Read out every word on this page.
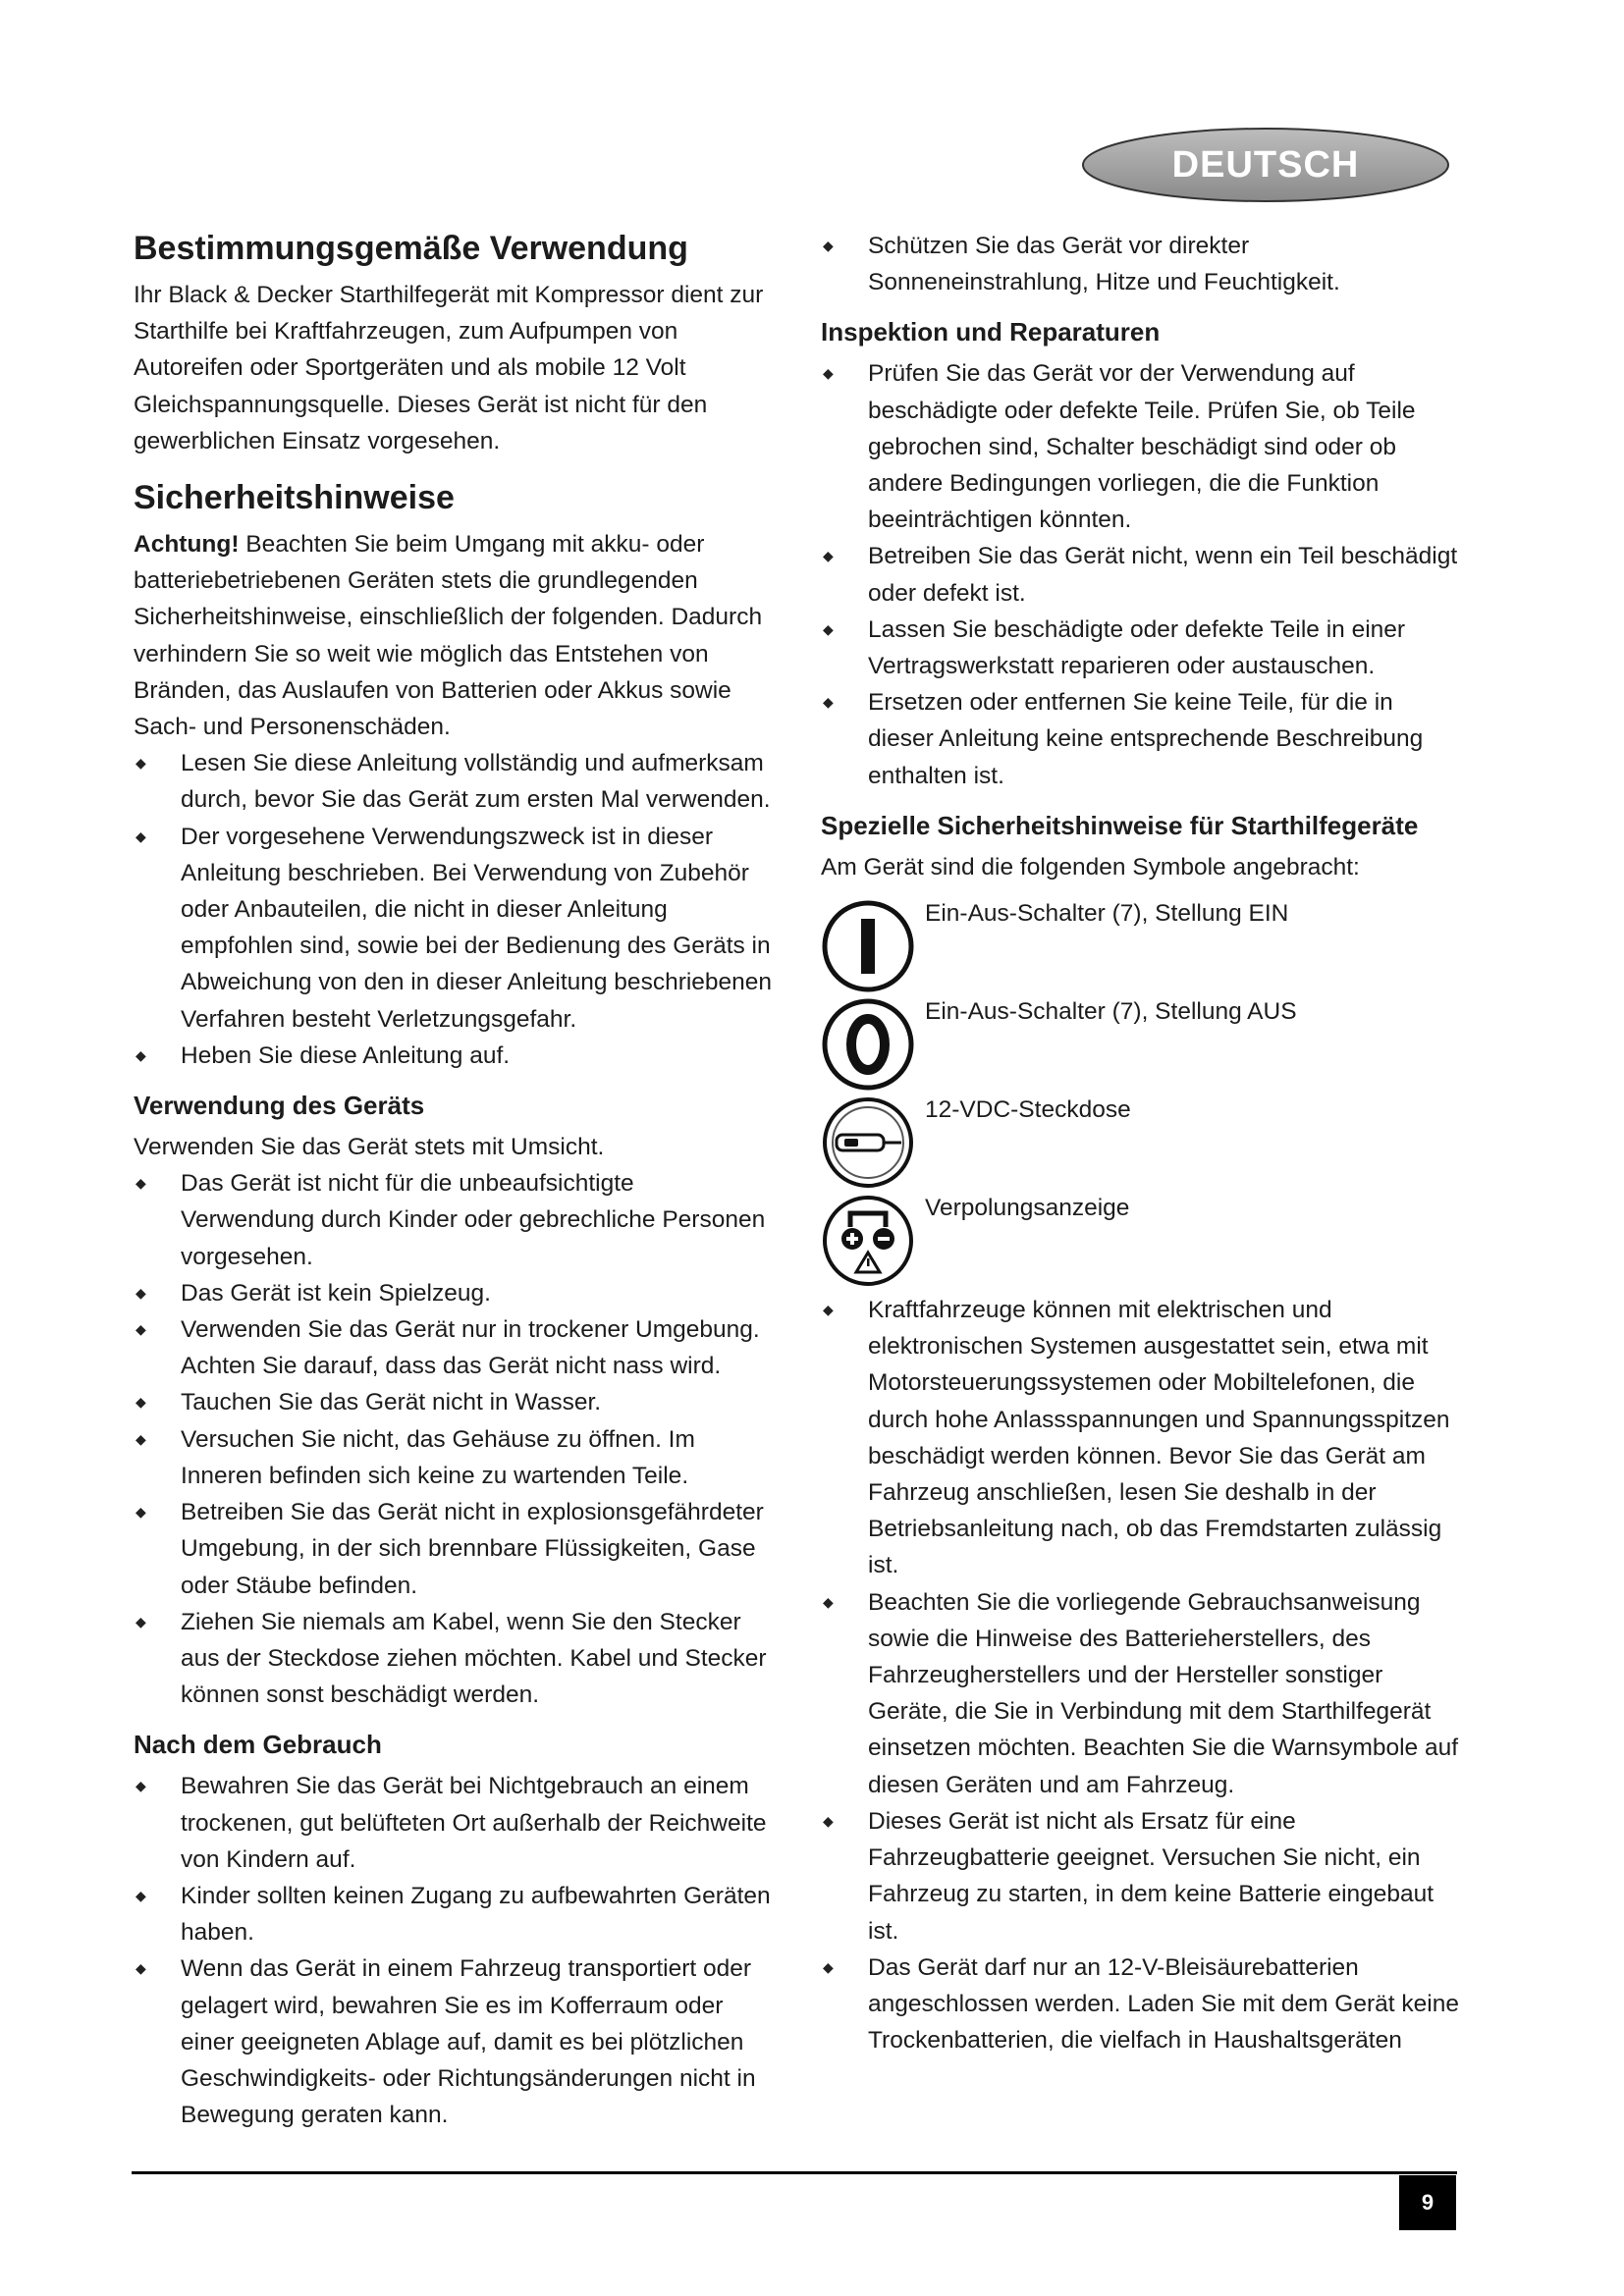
DEUTSCH
Bestimmungsgemäße Verwendung

Ihr Black & Decker Starthilfegerät mit Kompressor dient zur Starthilfe bei Kraftfahrzeugen, zum Aufpumpen von Autoreifen oder Sportgeräten und als mobile 12 Volt Gleichspannungsquelle. Dieses Gerät ist nicht für den gewerblichen Einsatz vorgesehen.

Sicherheitshinweise

Achtung! Beachten Sie beim Umgang mit akku- oder batteriebetriebenen Geräten stets die grundlegenden Sicherheitshinweise, einschließlich der folgenden. Dadurch verhindern Sie so weit wie möglich das Entstehen von Bränden, das Auslaufen von Batterien oder Akkus sowie Sach- und Personenschäden.

◆ Lesen Sie diese Anleitung vollständig und aufmerksam durch, bevor Sie das Gerät zum ersten Mal verwenden.
◆ Der vorgesehene Verwendungszweck ist in dieser Anleitung beschrieben. Bei Verwendung von Zubehör oder Anbauteilen, die nicht in dieser Anleitung empfohlen sind, sowie bei der Bedienung des Geräts in Abweichung von den in dieser Anleitung beschriebenen Verfahren besteht Verletzungsgefahr.
◆ Heben Sie diese Anleitung auf.
Verwendung des Geräts

Verwenden Sie das Gerät stets mit Umsicht.

◆ Das Gerät ist nicht für die unbeaufsichtigte Verwendung durch Kinder oder gebrechliche Personen vorgesehen.
◆ Das Gerät ist kein Spielzeug.
◆ Verwenden Sie das Gerät nur in trockener Umgebung. Achten Sie darauf, dass das Gerät nicht nass wird.
◆ Tauchen Sie das Gerät nicht in Wasser.
◆ Versuchen Sie nicht, das Gehäuse zu öffnen. Im Inneren befinden sich keine zu wartenden Teile.
◆ Betreiben Sie das Gerät nicht in explosionsgefährdeter Umgebung, in der sich brennbare Flüssigkeiten, Gase oder Stäube befinden.
◆ Ziehen Sie niemals am Kabel, wenn Sie den Stecker aus der Steckdose ziehen möchten. Kabel und Stecker können sonst beschädigt werden.
Nach dem Gebrauch
◆ Bewahren Sie das Gerät bei Nichtgebrauch an einem trockenen, gut belüfteten Ort außerhalb der Reichweite von Kindern auf.
◆ Kinder sollten keinen Zugang zu aufbewahrten Geräten haben.
◆ Wenn das Gerät in einem Fahrzeug transportiert oder gelagert wird, bewahren Sie es im Kofferraum oder einer geeigneten Ablage auf, damit es bei plötzlichen Geschwindigkeits- oder Richtungsänderungen nicht in Bewegung geraten kann.
◆ Schützen Sie das Gerät vor direkter Sonneneinstrahlung, Hitze und Feuchtigkeit.
Inspektion und Reparaturen
◆ Prüfen Sie das Gerät vor der Verwendung auf beschädigte oder defekte Teile. Prüfen Sie, ob Teile gebrochen sind, Schalter beschädigt sind oder ob andere Bedingungen vorliegen, die die Funktion beeinträchtigen könnten.
◆ Betreiben Sie das Gerät nicht, wenn ein Teil beschädigt oder defekt ist.
◆ Lassen Sie beschädigte oder defekte Teile in einer Vertragswerkstatt reparieren oder austauschen.
◆ Ersetzen oder entfernen Sie keine Teile, für die in dieser Anleitung keine entsprechende Beschreibung enthalten ist.
Spezielle Sicherheitshinweise für Starthilfegeräte

Am Gerät sind die folgenden Symbole angebracht:

Ein-Aus-Schalter (7), Stellung EIN
Ein-Aus-Schalter (7), Stellung AUS
12-VDC-Steckdose
Verpolungsanzeige
◆ Kraftfahrzeuge können mit elektrischen und elektronischen Systemen ausgestattet sein, etwa mit Motorsteuerungssystemen oder Mobiltelefonen, die durch hohe Anlassspannungen und Spannungsspitzen beschädigt werden können. Bevor Sie das Gerät am Fahrzeug anschließen, lesen Sie deshalb in der Betriebsanleitung nach, ob das Fremdstarten zulässig ist.
◆ Beachten Sie die vorliegende Gebrauchsanweisung sowie die Hinweise des Batterieherstellers, des Fahrzeugherstellers und der Hersteller sonstiger Geräte, die Sie in Verbindung mit dem Starthilfegerät einsetzen möchten. Beachten Sie die Warnsymbole auf diesen Geräten und am Fahrzeug.
◆ Dieses Gerät ist nicht als Ersatz für eine Fahrzeugbatterie geeignet. Versuchen Sie nicht, ein Fahrzeug zu starten, in dem keine Batterie eingebaut ist.
◆ Das Gerät darf nur an 12-V-Bleisäurebatterien angeschlossen werden. Laden Sie mit dem Gerät keine Trockenbatterien, die vielfach in Haushaltsgeräten
9
